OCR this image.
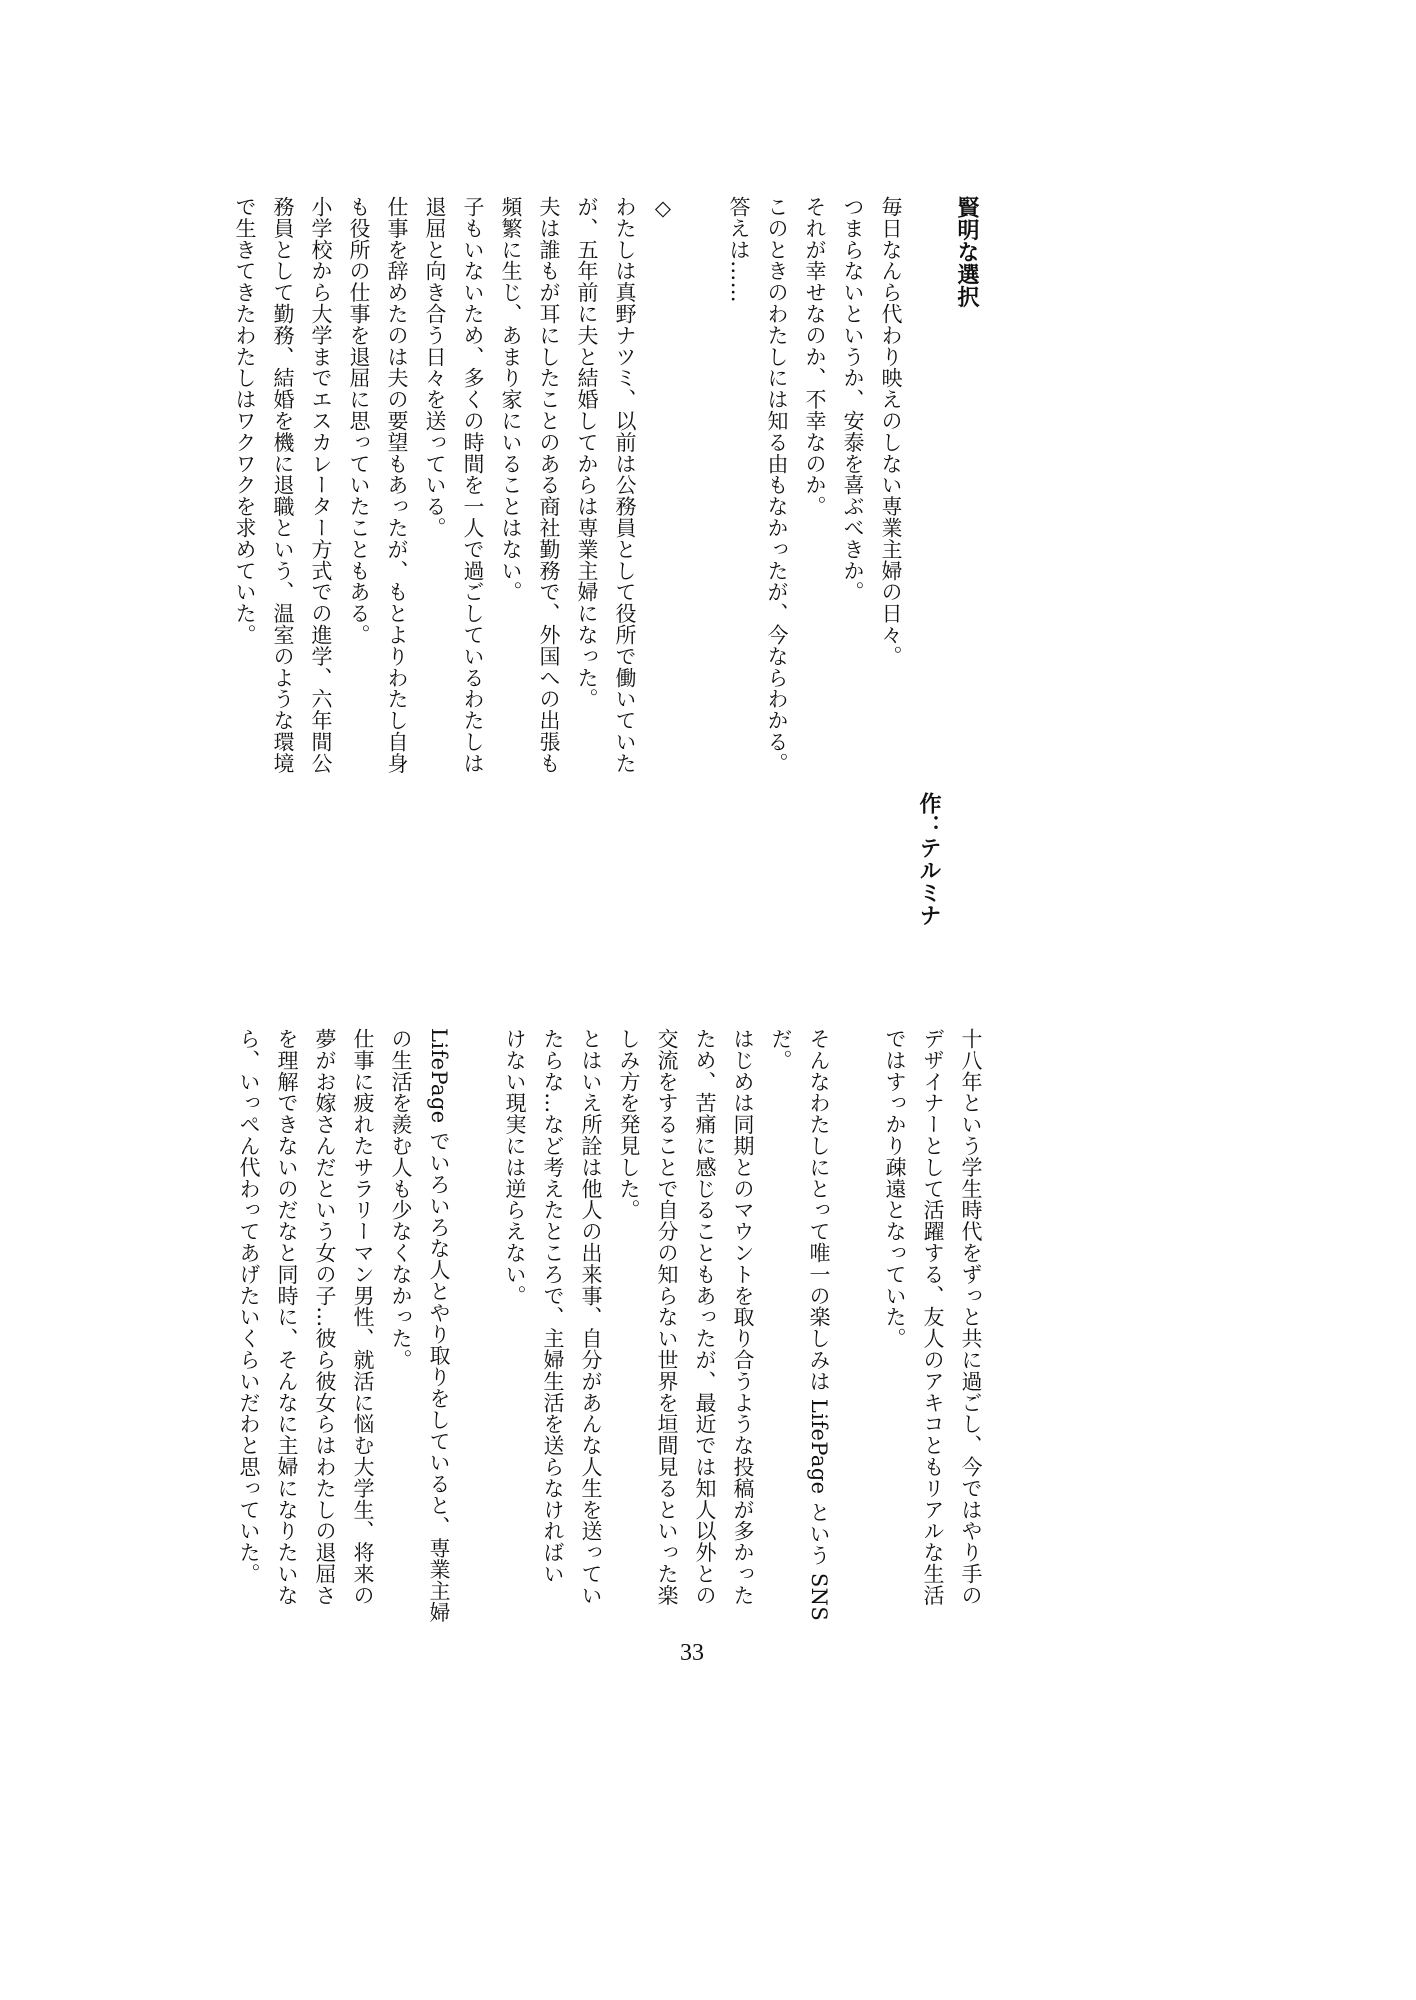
賢明な選択
作：テルミナ
毎日なんら代わり映えのしない専業主婦の日々。
つまらないというか、安泰を喜ぶべきか。
それが幸せなのか、不幸なのか。
このときのわたしには知る由もなかったが、今ならわかる。
答えは……
◇
わたしは真野ナツミ、以前は公務員として役所で働いていた
が、五年前に夫と結婚してからは専業主婦になった。
夫は誰もが耳にしたことのある商社勤務で、外国への出張も
頻繁に生じ、あまり家にいることはない。
子もいないため、多くの時間を一人で過ごしているわたしは
退屈と向き合う日々を送っている。
仕事を辞めたのは夫の要望もあったが、もとよりわたし自身
も役所の仕事を退屈に思っていたこともある。
小学校から大学までエスカレーター方式での進学、六年間公
務員として勤務、結婚を機に退職という、温室のような環境
で生きてきたわたしはワクワクを求めていた。
十八年という学生時代をずっと共に過ごし、今ではやり手の
デザイナーとして活躍する、友人のアキコともリアルな生活
ではすっかり疎遠となっていた。
そんなわたしにとって唯一の楽しみは LifePage という SNS
だ。
はじめは同期とのマウントを取り合うような投稿が多かった
ため、苦痛に感じることもあったが、最近では知人以外との
交流をすることで自分の知らない世界を垣間見るといった楽
しみ方を発見した。
とはいえ所詮は他人の出来事、自分があんな人生を送ってい
たらな…など考えたところで、主婦生活を送らなければい
けない現実には逆らえない。
LifePage でいろいろな人とやり取りをしていると、専業主婦
の生活を羨む人も少なくなかった。
仕事に疲れたサラリーマン男性、就活に悩む大学生、将来の
夢がお嫁さんだという女の子…彼ら彼女らはわたしの退屈さ
を理解できないのだなと同時に、そんなに主婦になりたいな
ら、いっぺん代わってあげたいくらいだわと思っていた。
33
